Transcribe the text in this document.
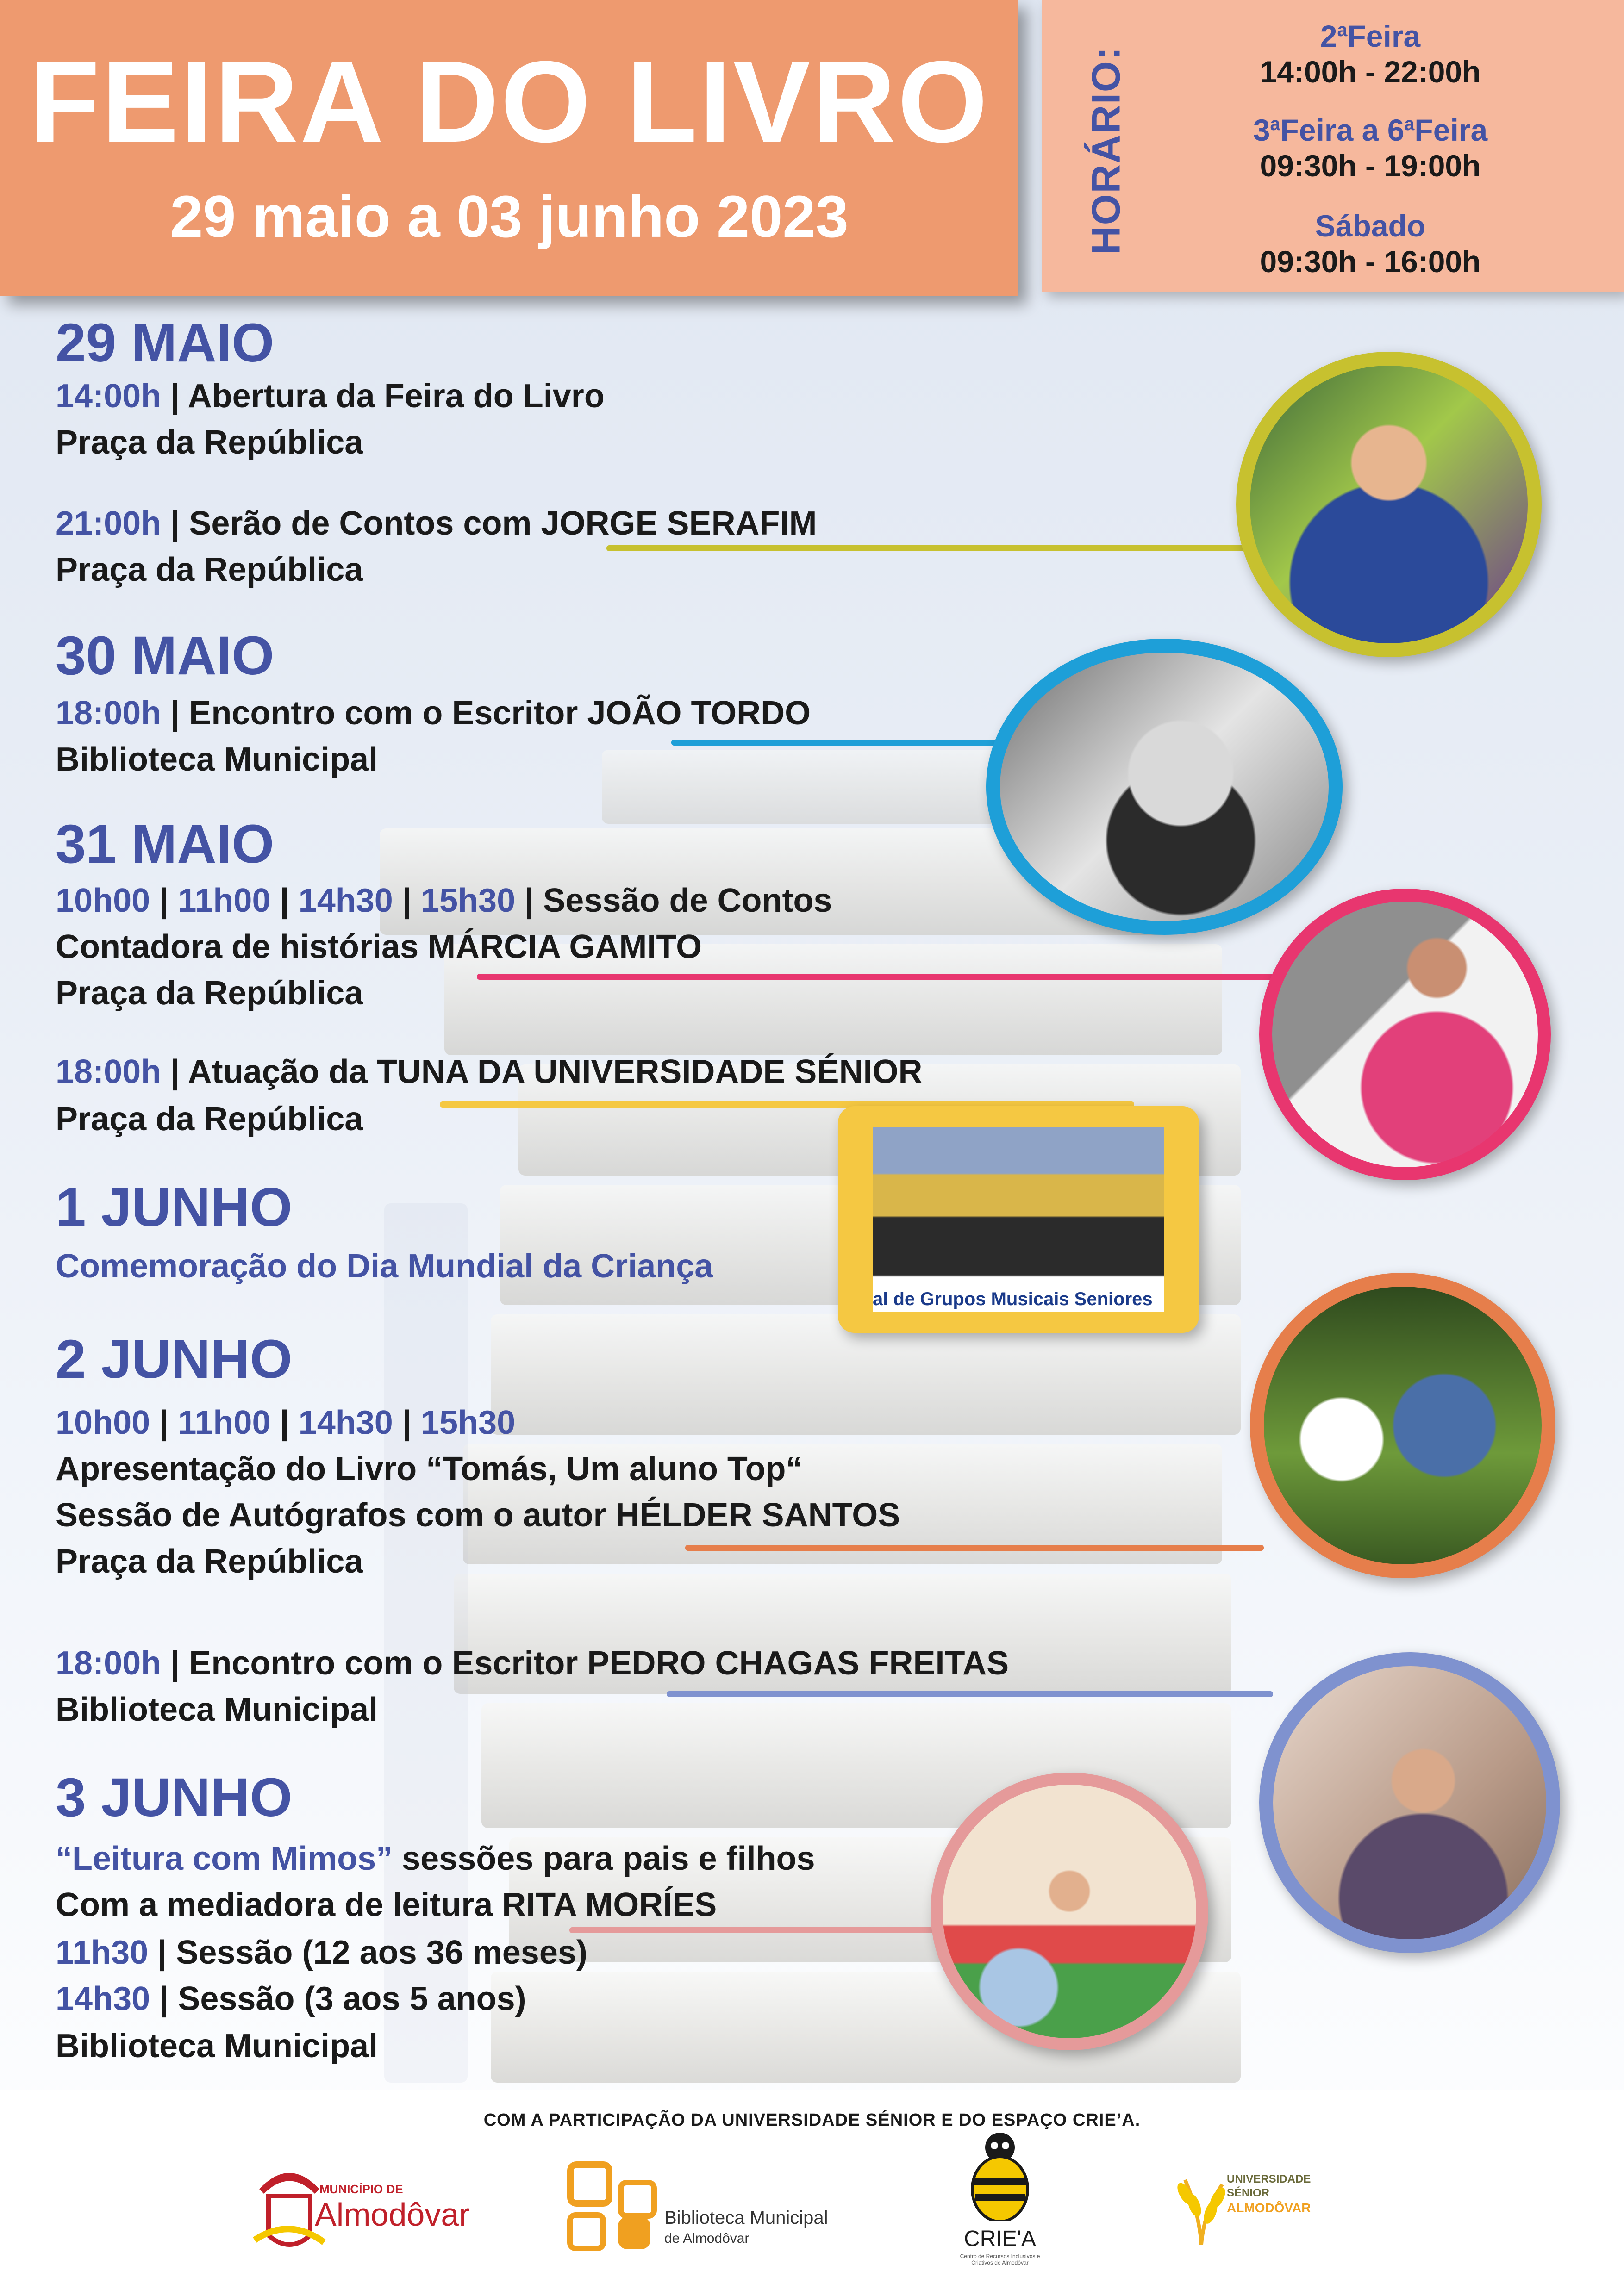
FEIRA DO LIVRO
29 maio a 03 junho 2023	HORÁRIO:
2$^a$Feira
14:00h - 22:00h
3$^a$Feira a 6$^a$Feira
09:30h - 19:00h
Sábado
09:30h - 16:00h
29 MAIO
14:00h | Abertura da Feira do Livro
Praça da República
21:00h | Serão de Contos com JORGE SERAFIM
Praça da República
30 MAIO
18:00h | Encontro com o Escritor JOÃO TORDO
Biblioteca Municipal
31 MAIO
10h00 | 11h00 | 14h30 | 15h30 | Sessão de Contos
Contadora de histórias MÁRCIA GAMITO
Praça da República
18:00h | Atuação da TUNA DA UNIVERSIDADE SÉNIOR
Praça da República
1 JUNHO
Comemoração do Dia Mundial da Criança
2 JUNHO
10h00 | 11h00 | 14h30 | 15h30
Apresentação do Livro “Tomás, Um aluno Top“
Sessão de Autógrafos com o autor HÉLDER SANTOS
Praça da República
18:00h | Encontro com o Escritor PEDRO CHAGAS FREITAS
Biblioteca Municipal
3 JUNHO
“Leitura com Mimos” sessões para pais e filhos
Com a mediadora de leitura RITA MORÍES
11h30 | Sessão (12 aos 36 meses)
14h30 | Sessão (3 aos 5 anos)
Biblioteca Municipal
al de Grupos Musicais Seniores
COM A PARTICIPAÇÃO DA UNIVERSIDADE SÉNIOR E DO ESPAÇO CRIE’A.
MUNICÍPIO DE
Almodôvar	Biblioteca Municipal
de Almodôvar	CRIE'A
Centro de Recursos Inclusivos e Criativos de Almodôvar
UNIVERSIDADE
SÉNIOR
ALMODÔVAR
